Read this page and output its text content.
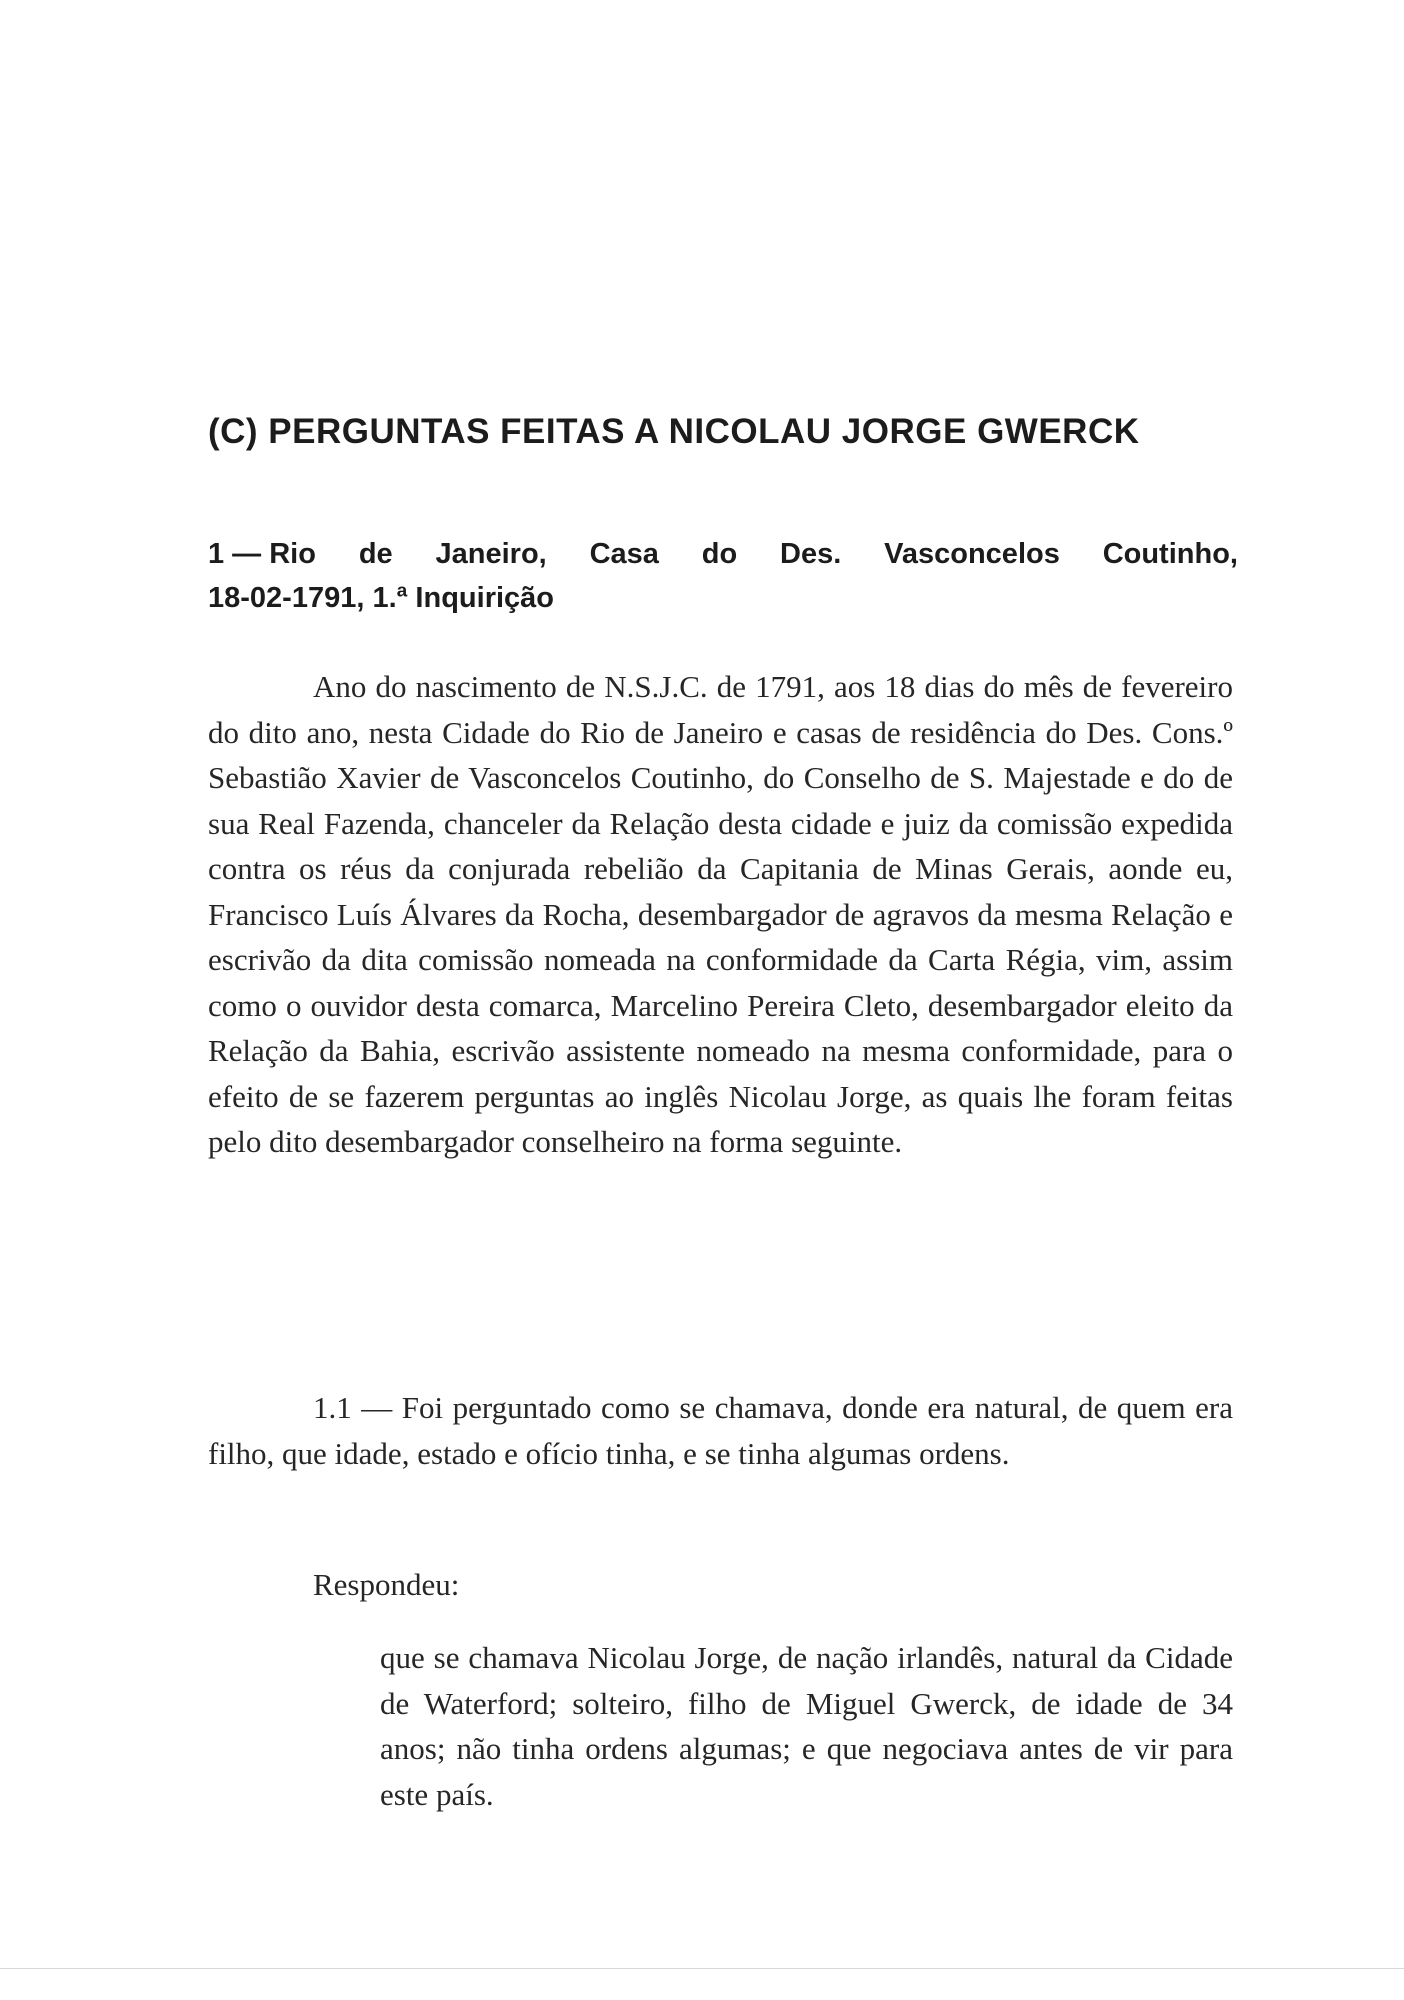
(C) PERGUNTAS FEITAS A NICOLAU JORGE GWERCK
1 — Rio de Janeiro, Casa do Des. Vasconcelos Coutinho,
18-02-1791, 1.ª Inquirição

Ano do nascimento de N.S.J.C. de 1791, aos 18 dias do mês de fevereiro do dito ano, nesta Cidade do Rio de Janeiro e casas de residência do Des. Cons.º Sebastião Xavier de Vasconcelos Coutinho, do Conselho de S. Majestade e do de sua Real Fazenda, chanceler da Relação desta cidade e juiz da comissão expedida contra os réus da conjurada rebelião da Capitania de Minas Gerais, aonde eu, Francisco Luís Álvares da Rocha, desembargador de agravos da mesma Relação e escrivão da dita comissão nomeada na conformidade da Carta Régia, vim, assim como o ouvidor desta comarca, Marcelino Pereira Cleto, desembargador eleito da Relação da Bahia, escrivão assistente nomeado na mesma conformidade, para o efeito de se fazerem perguntas ao inglês Nicolau Jorge, as quais lhe foram feitas pelo dito desembargador conselheiro na forma seguinte.

1.1 — Foi perguntado como se chamava, donde era natural, de quem era filho, que idade, estado e ofício tinha, e se tinha algumas ordens.

Respondeu:

que se chamava Nicolau Jorge, de nação irlandês, natural da Cidade de Waterford; solteiro, filho de Miguel Gwerck, de idade de 34 anos; não tinha ordens algumas; e que negociava antes de vir para este país.
